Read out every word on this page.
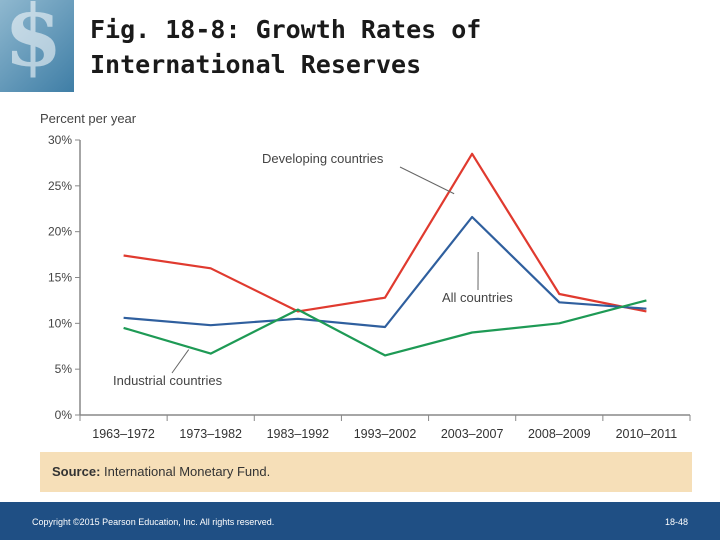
$ Fig. 18-8: Growth Rates of
International Reserves
Percent per year
0%
5%
10%
15%
20%
25%
30%
1963–1972 1973–1982 1983–1992 1993–2002 2003–2007 2008–2009 2010–2011
Developing countries
All countries
Industrial countries
Source: International Monetary Fund.
Copyright ©2015 Pearson Education, Inc. All rights reserved.	18-48
